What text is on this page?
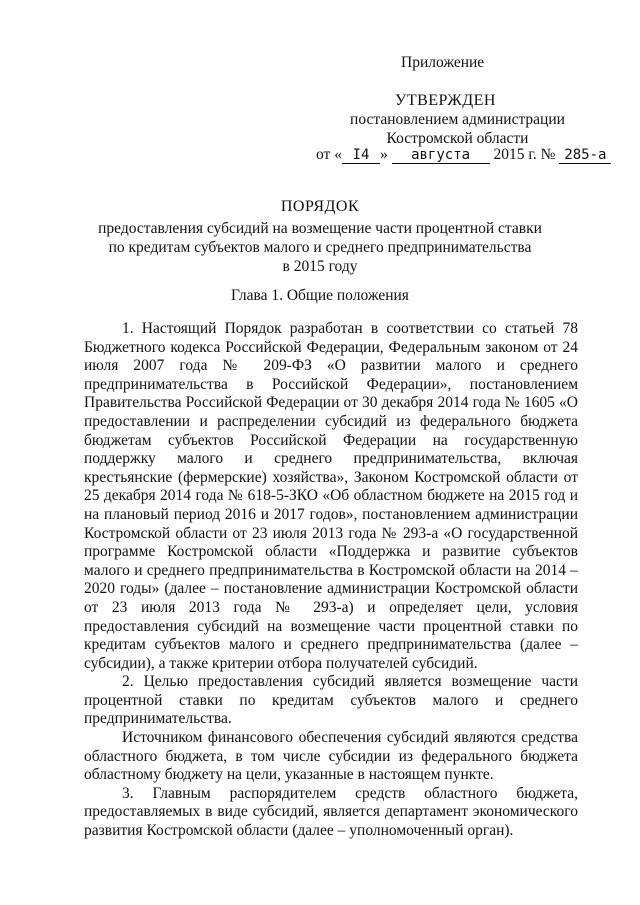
Приложение
УТВЕРЖДЕН
постановлением администрации
Костромской области
от « I4 » августа 2015 г. № 285-а
ПОРЯДОК
предоставления субсидий на возмещение части процентной ставки
по кредитам субъектов малого и среднего предпринимательства
в 2015 году
Глава 1. Общие положения

1. Настоящий Порядок разработан в соответствии со статьей 78 Бюджетного кодекса Российской Федерации, Федеральным законом от 24 июля 2007 года № 209-ФЗ «О развитии малого и среднего предпринимательства в Российской Федерации», постановлением Правительства Российской Федерации от 30 декабря 2014 года № 1605 «О предоставлении и распределении субсидий из федерального бюджета бюджетам субъектов Российской Федерации на государственную поддержку малого и среднего предпринимательства, включая крестьянские (фермерские) хозяйства», Законом Костромской области от 25 декабря 2014 года № 618-5-ЗКО «Об областном бюджете на 2015 год и на плановый период 2016 и 2017 годов», постановлением администрации Костромской области от 23 июля 2013 года № 293-а «О государственной программе Костромской области «Поддержка и развитие субъектов малого и среднего предпринимательства в Костромской области на 2014 – 2020 годы» (далее – постановление администрации Костромской области от 23 июля 2013 года № 293-а) и определяет цели, условия предоставления субсидий на возмещение части процентной ставки по кредитам субъектов малого и среднего предпринимательства (далее – субсидии), а также критерии отбора получателей субсидий.

2. Целью предоставления субсидий является возмещение части процентной ставки по кредитам субъектов малого и среднего предпринимательства.

Источником финансового обеспечения субсидий являются средства областного бюджета, в том числе субсидии из федерального бюджета областному бюджету на цели, указанные в настоящем пункте.

3. Главным распорядителем средств областного бюджета, предоставляемых в виде субсидий, является департамент экономического развития Костромской области (далее – уполномоченный орган).
